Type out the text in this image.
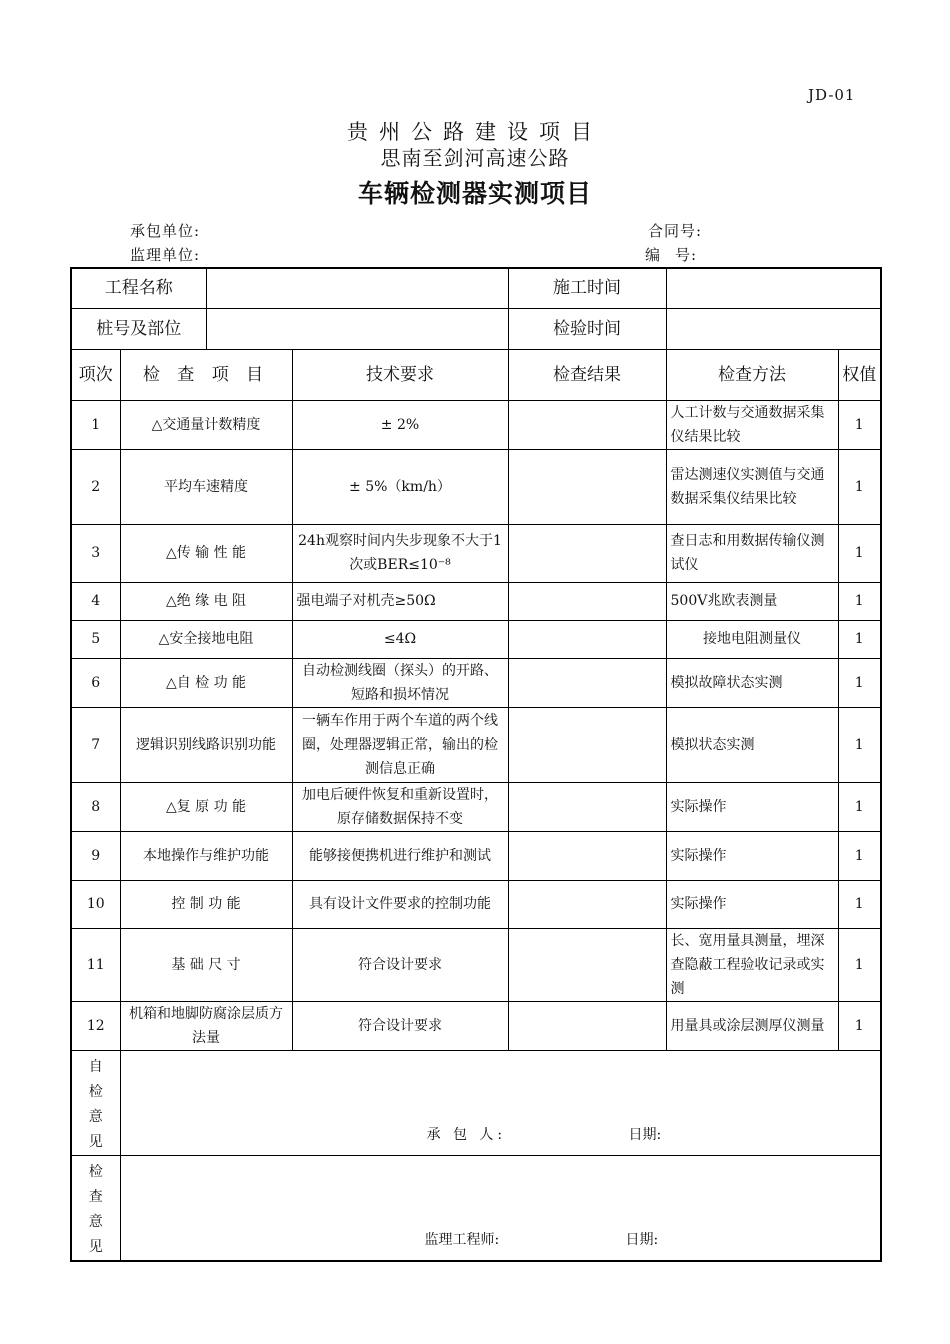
JD-01
贵州公路建设项目
思南至剑河高速公路
车辆检测器实测项目
承包单位:
监理单位:
合同号:
编 号:
工程名称				施工时间		
桩号及部位				检验时间		
项次	检 查 项 目		技术要求	检查结果	检查方法	权值
1	△交通量计数精度		± 2%		人工计数与交通数据采集仪结果比较	1
2	平均车速精度		± 5%（km/h）		雷达测速仪实测值与交通数据采集仪结果比较	1
3	△传 输 性 能		24h观察时间内失步现象不大于1次或BER≤10⁻⁸		查日志和用数据传输仪测试仪	1
4	△绝 缘 电 阻		强电端子对机壳≥50Ω		500V兆欧表测量	1
5	△安全接地电阻		≤4Ω		接地电阻测量仪	1
6	△自 检 功 能		自动检测线圈（探头）的开路、短路和损坏情况		模拟故障状态实测	1
7	逻辑识别线路识别功能		一辆车作用于两个车道的两个线圈，处理器逻辑正常，输出的检测信息正确		模拟状态实测	1
8	△复 原 功 能		加电后硬件恢复和重新设置时，原存储数据保持不变		实际操作	1
9	本地操作与维护功能		能够接便携机进行维护和测试		实际操作	1
10	控 制 功 能		具有设计文件要求的控制功能		实际操作	1
11	基 础 尺 寸		符合设计要求		长、宽用量具测量，埋深查隐蔽工程验收记录或实测	1
12	机箱和地脚防腐涂层质方法量		符合设计要求		用量具或涂层测厚仪测量	1
自检意见	承 包 人: 日期:					

检查意见	监理工程师: 日期:					
